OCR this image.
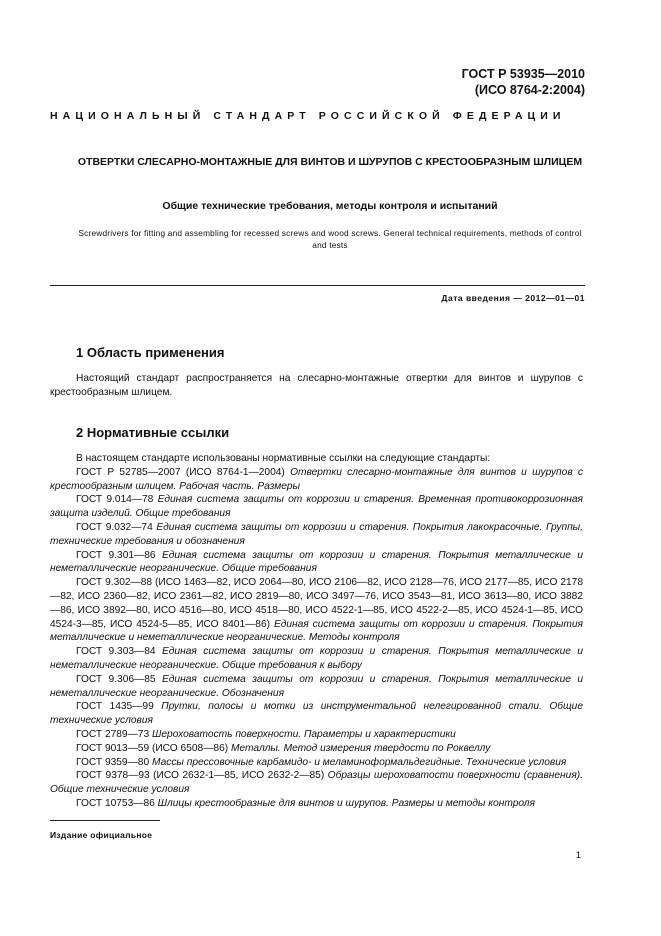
ГОСТ Р 53935—2010
(ИСО 8764-2:2004)
НАЦИОНАЛЬНЫЙ СТАНДАРТ РОССИЙСКОЙ ФЕДЕРАЦИИ
ОТВЕРТКИ СЛЕСАРНО-МОНТАЖНЫЕ ДЛЯ ВИНТОВ И ШУРУПОВ С КРЕСТООБРАЗНЫМ ШЛИЦЕМ
Общие технические требования, методы контроля и испытаний
Screwdrivers for fitting and assembling for recessed screws and wood screws. General technical requirements, methods of control and tests
Дата введения — 2012—01—01
1 Область применения

Настоящий стандарт распространяется на слесарно-монтажные отвертки для винтов и шурупов с крестообразным шлицем.

2 Нормативные ссылки

В настоящем стандарте использованы нормативные ссылки на следующие стандарты:

ГОСТ Р 52785—2007 (ИСО 8764-1—2004) Отвертки слесарно-монтажные для винтов и шурупов с крестообразным шлицем. Рабочая часть. Размеры

ГОСТ 9.014—78 Единая система защиты от коррозии и старения. Временная противокоррозионная защита изделий. Общие требования

ГОСТ 9.032—74 Единая система защиты от коррозии и старения. Покрытия лакокрасочные. Группы, технические требования и обозначения

ГОСТ 9.301—86 Единая система защиты от коррозии и старения. Покрытия металлические и неметаллические неорганические. Общие требования

ГОСТ 9.302—88 (ИСО 1463—82, ИСО 2064—80, ИСО 2106—82, ИСО 2128—76, ИСО 2177—85, ИСО 2178—82, ИСО 2360—82, ИСО 2361—82, ИСО 2819—80, ИСО 3497—76, ИСО 3543—81, ИСО 3613—80, ИСО 3882—86, ИСО 3892—80, ИСО 4516—80, ИСО 4518—80, ИСО 4522-1—85, ИСО 4522-2—85, ИСО 4524-1—85, ИСО 4524-3—85, ИСО 4524-5—85, ИСО 8401—86) Единая система защиты от коррозии и старения. Покрытия металлические и неметаллические неорганические. Методы контроля

ГОСТ 9.303—84 Единая система защиты от коррозии и старения. Покрытия металлические и неметаллические неорганические. Общие требования к выбору

ГОСТ 9.306—85 Единая система защиты от коррозии и старения. Покрытия металлические и неметаллические неорганические. Обозначения

ГОСТ 1435—99 Прутки, полосы и мотки из инструментальной нелегированной стали. Общие технические условия

ГОСТ 2789—73 Шероховатость поверхности. Параметры и характеристики

ГОСТ 9013—59 (ИСО 6508—86) Металлы. Метод измерения твердости по Роквеллу

ГОСТ 9359—80 Массы прессовочные карбамидо- и меламиноформальдегидные. Технические условия

ГОСТ 9378—93 (ИСО 2632-1—85, ИСО 2632-2—85) Образцы шероховатости поверхности (сравнения). Общие технические условия

ГОСТ 10753—86 Шлицы крестообразные для винтов и шурупов. Размеры и методы контроля

Издание официальное
1
